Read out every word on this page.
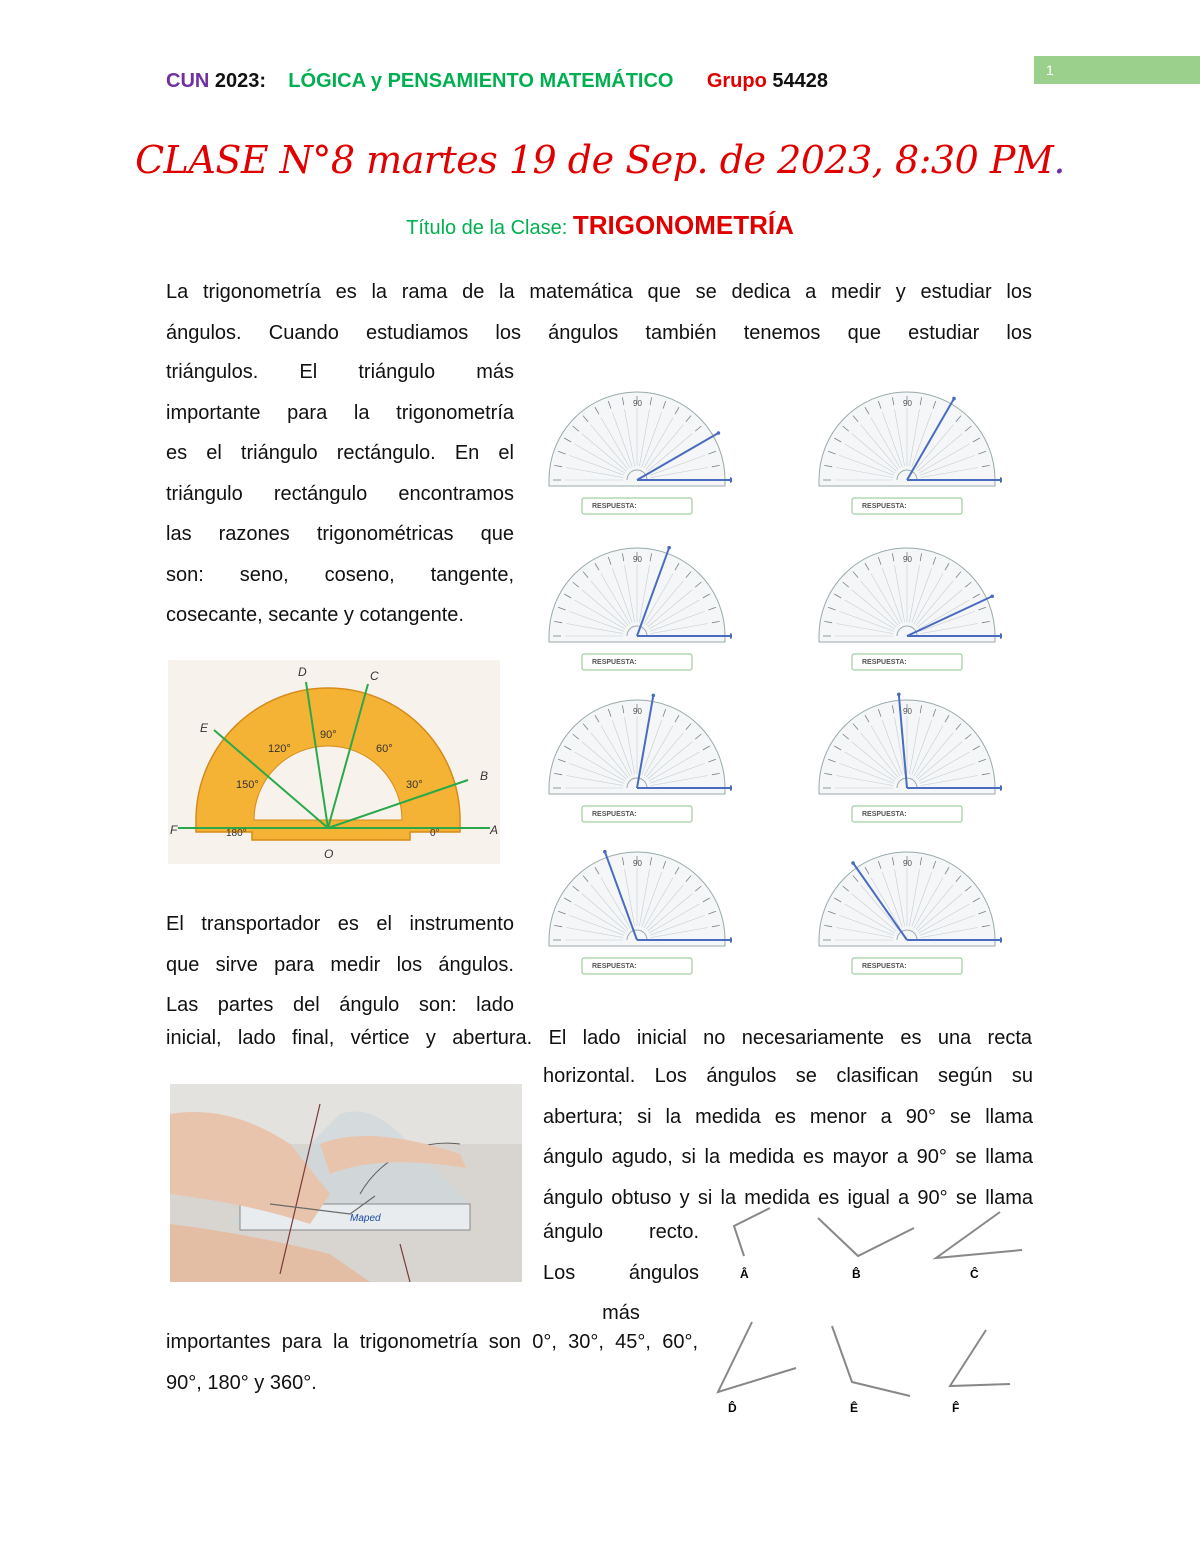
CUN 2023: LÓGICA y PENSAMIENTO MATEMÁTICO Grupo 54428	1
CLASE N°8 martes 19 de Sep. de 2023, 8:30 PM.
Título de la Clase: TRIGONOMETRÍA
La trigonometría es la rama de la matemática que se dedica a medir y estudiar los
ángulos. Cuando estudiamos los ángulos también tenemos que estudiar los
triángulos. El triángulo más
importante para la trigonometría
es el triángulo rectángulo. En el
triángulo rectángulo encontramos
las razones trigonométricas que
son: seno, coseno, tangente,
cosecante, secante y cotangente.
A
B
C
D
E
F
O
90°
120°	60°
150°	30°
180°	0°
RESPUESTA:
90
RESPUESTA:
90
RESPUESTA:
90
RESPUESTA:
90
RESPUESTA:
90
RESPUESTA:
90
RESPUESTA:
90
RESPUESTA:
90
El transportador es el instrumento
que sirve para medir los ángulos.
Las partes del ángulo son: lado
inicial, lado final, vértice y abertura. El lado inicial no necesariamente es una recta
Maped
horizontal. Los ángulos se clasifican según su
abertura; si la medida es menor a 90° se llama
ángulo agudo, si la medida es mayor a 90° se llama
ángulo obtuso y si la medida es igual a 90° se llama
ángulo recto.
Los ángulos
más
importantes para la trigonometría son 0°, 30°, 45°, 60°,
90°, 180° y 360°.
Â	B̂	Ĉ
D̂	Ê	F̂
